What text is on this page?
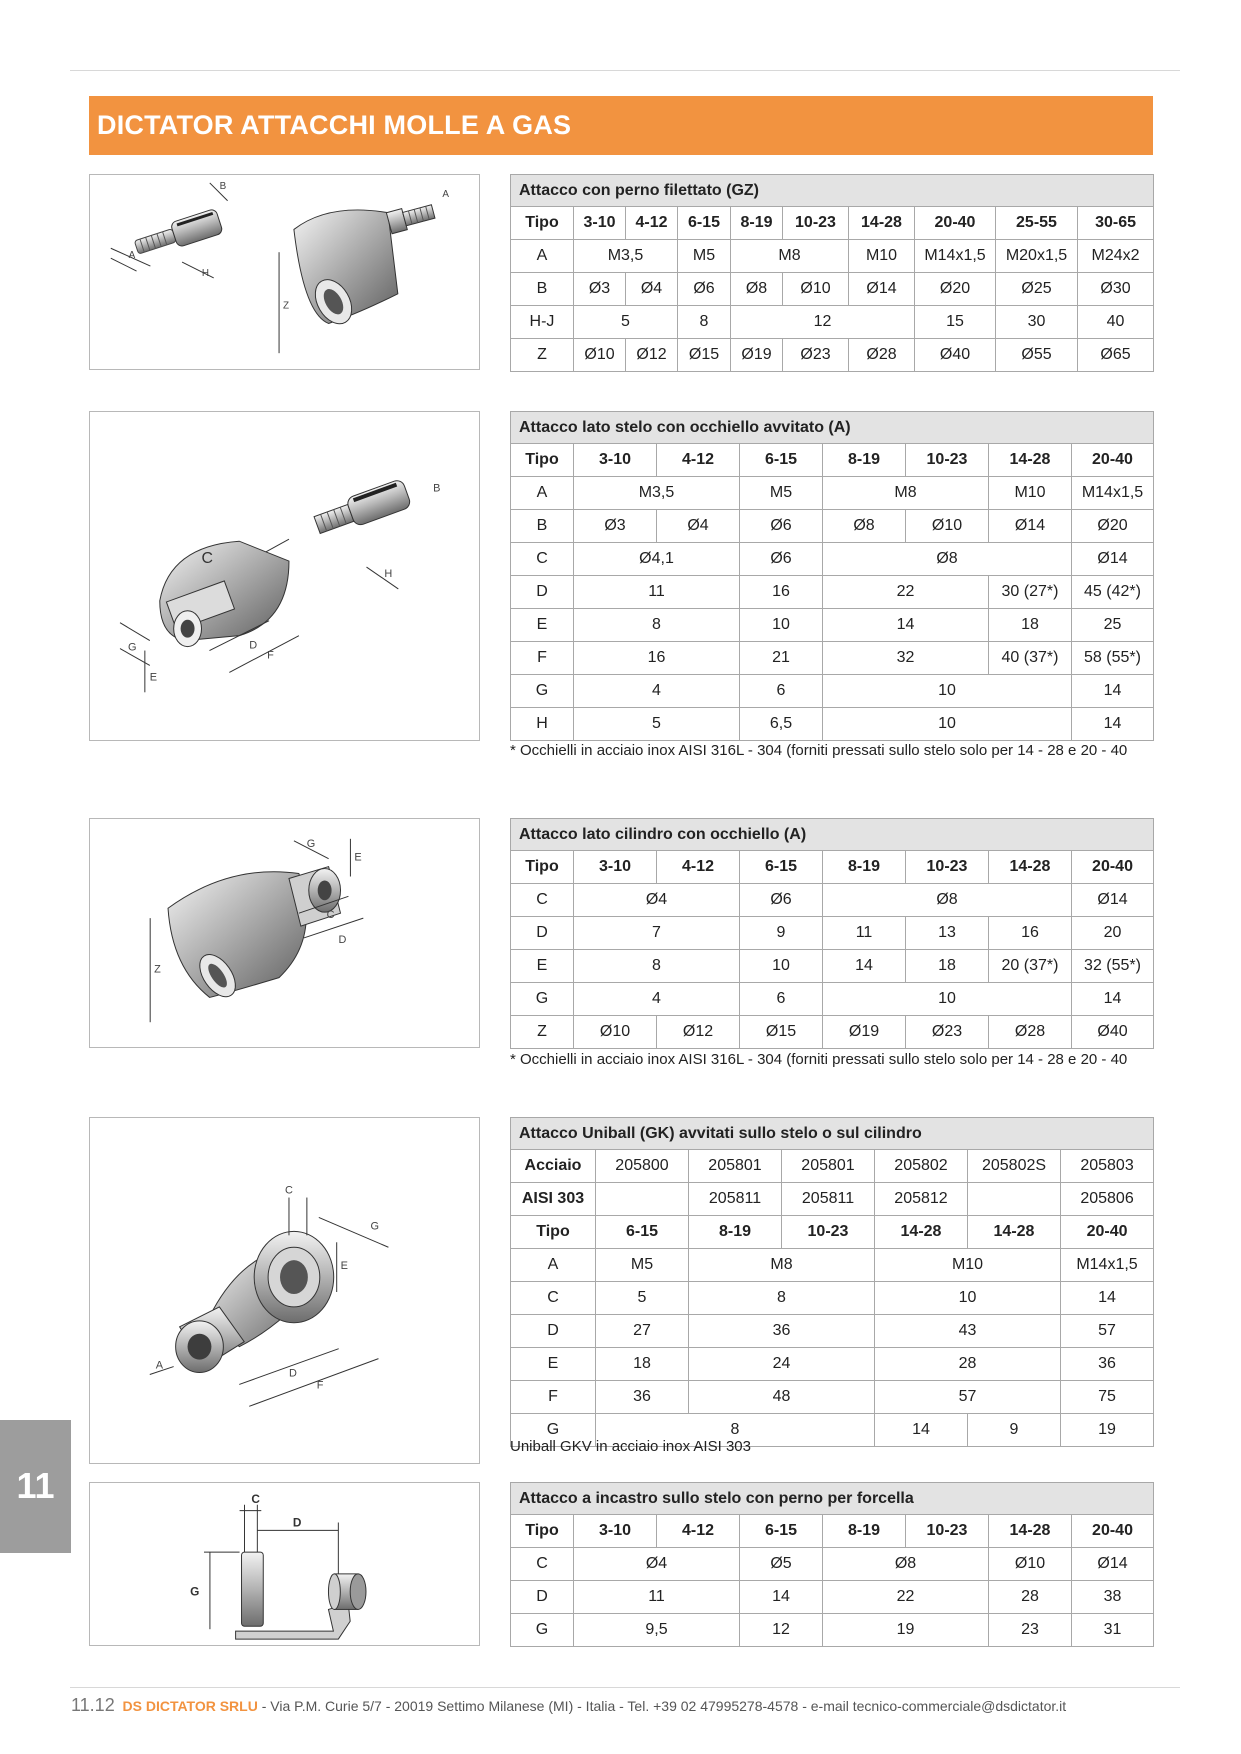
DICTATOR ATTACCHI MOLLE A GAS
A
H
B
Z
A	Attacco con perno filettato (GZ)									
Tipo	3-10	4-12	6-15	8-19	10-23	14-28	20-40	25-55	30-65
A	M3,5		M5	M8		M10	M14x1,5	M20x1,5	M24x2
B	Ø3	Ø4	Ø6	Ø8	Ø10	Ø14	Ø20	Ø25	Ø30
H-J	5		8	12			15	30	40
Z	Ø10	Ø12	Ø15	Ø19	Ø23	Ø28	Ø40	Ø55	Ø65
B
H
C
G
E
D
F
Attacco lato stelo con occhiello avvitato (A)							
Tipo	3-10	4-12	6-15	8-19	10-23	14-28	20-40
A	M3,5		M5	M8		M10	M14x1,5
B	Ø3	Ø4	Ø6	Ø8	Ø10	Ø14	Ø20
C	Ø4,1		Ø6	Ø8			Ø14
D	11		16	22		30 (27*)	45 (42*)
E	8		10	14		18	25
F	16		21	32		40 (37*)	58 (55*)
G	4		6	10			14
H	5		6,5	10			14
* Occhielli in acciaio inox AISI 316L - 304 (forniti pressati sullo stelo solo per 14 - 28 e 20 - 40
Z
G
E
C
D
Attacco lato cilindro con occhiello (A)							
Tipo	3-10	4-12	6-15	8-19	10-23	14-28	20-40
C	Ø4		Ø6	Ø8			Ø14
D	7		9	11	13	16	20
E	8		10	14	18	20 (37*)	32 (55*)
G	4		6	10			14
Z	Ø10	Ø12	Ø15	Ø19	Ø23	Ø28	Ø40
* Occhielli in acciaio inox AISI 316L - 304 (forniti pressati sullo stelo solo per 14 - 28 e 20 - 40
C
G
E
A
D
F
Attacco Uniball (GK) avvitati sullo stelo o sul cilindro						
Acciaio	205800	205801	205801	205802	205802S	205803
AISI 303		205811	205811	205812		205806
Tipo	6-15	8-19	10-23	14-28	14-28	20-40
A	M5	M8		M10		M14x1,5
C	5	8		10		14
D	27	36		43		57
E	18	24		28		36
F	36	48		57		75
G	8			14	9	19
Uniball GKV in acciaio inox AISI 303
C
D
G
Attacco a incastro sullo stelo con perno per forcella							
Tipo	3-10	4-12	6-15	8-19	10-23	14-28	20-40
C	Ø4		Ø5	Ø8		Ø10	Ø14
D	11		14	22		28	38
G	9,5		12	19		23	31
11
11.12 DS DICTATOR SRLU - Via P.M. Curie 5/7 - 20019 Settimo Milanese (MI) - Italia - Tel. +39 02 47995278-4578 - e-mail tecnico-commerciale@dsdictator.it
